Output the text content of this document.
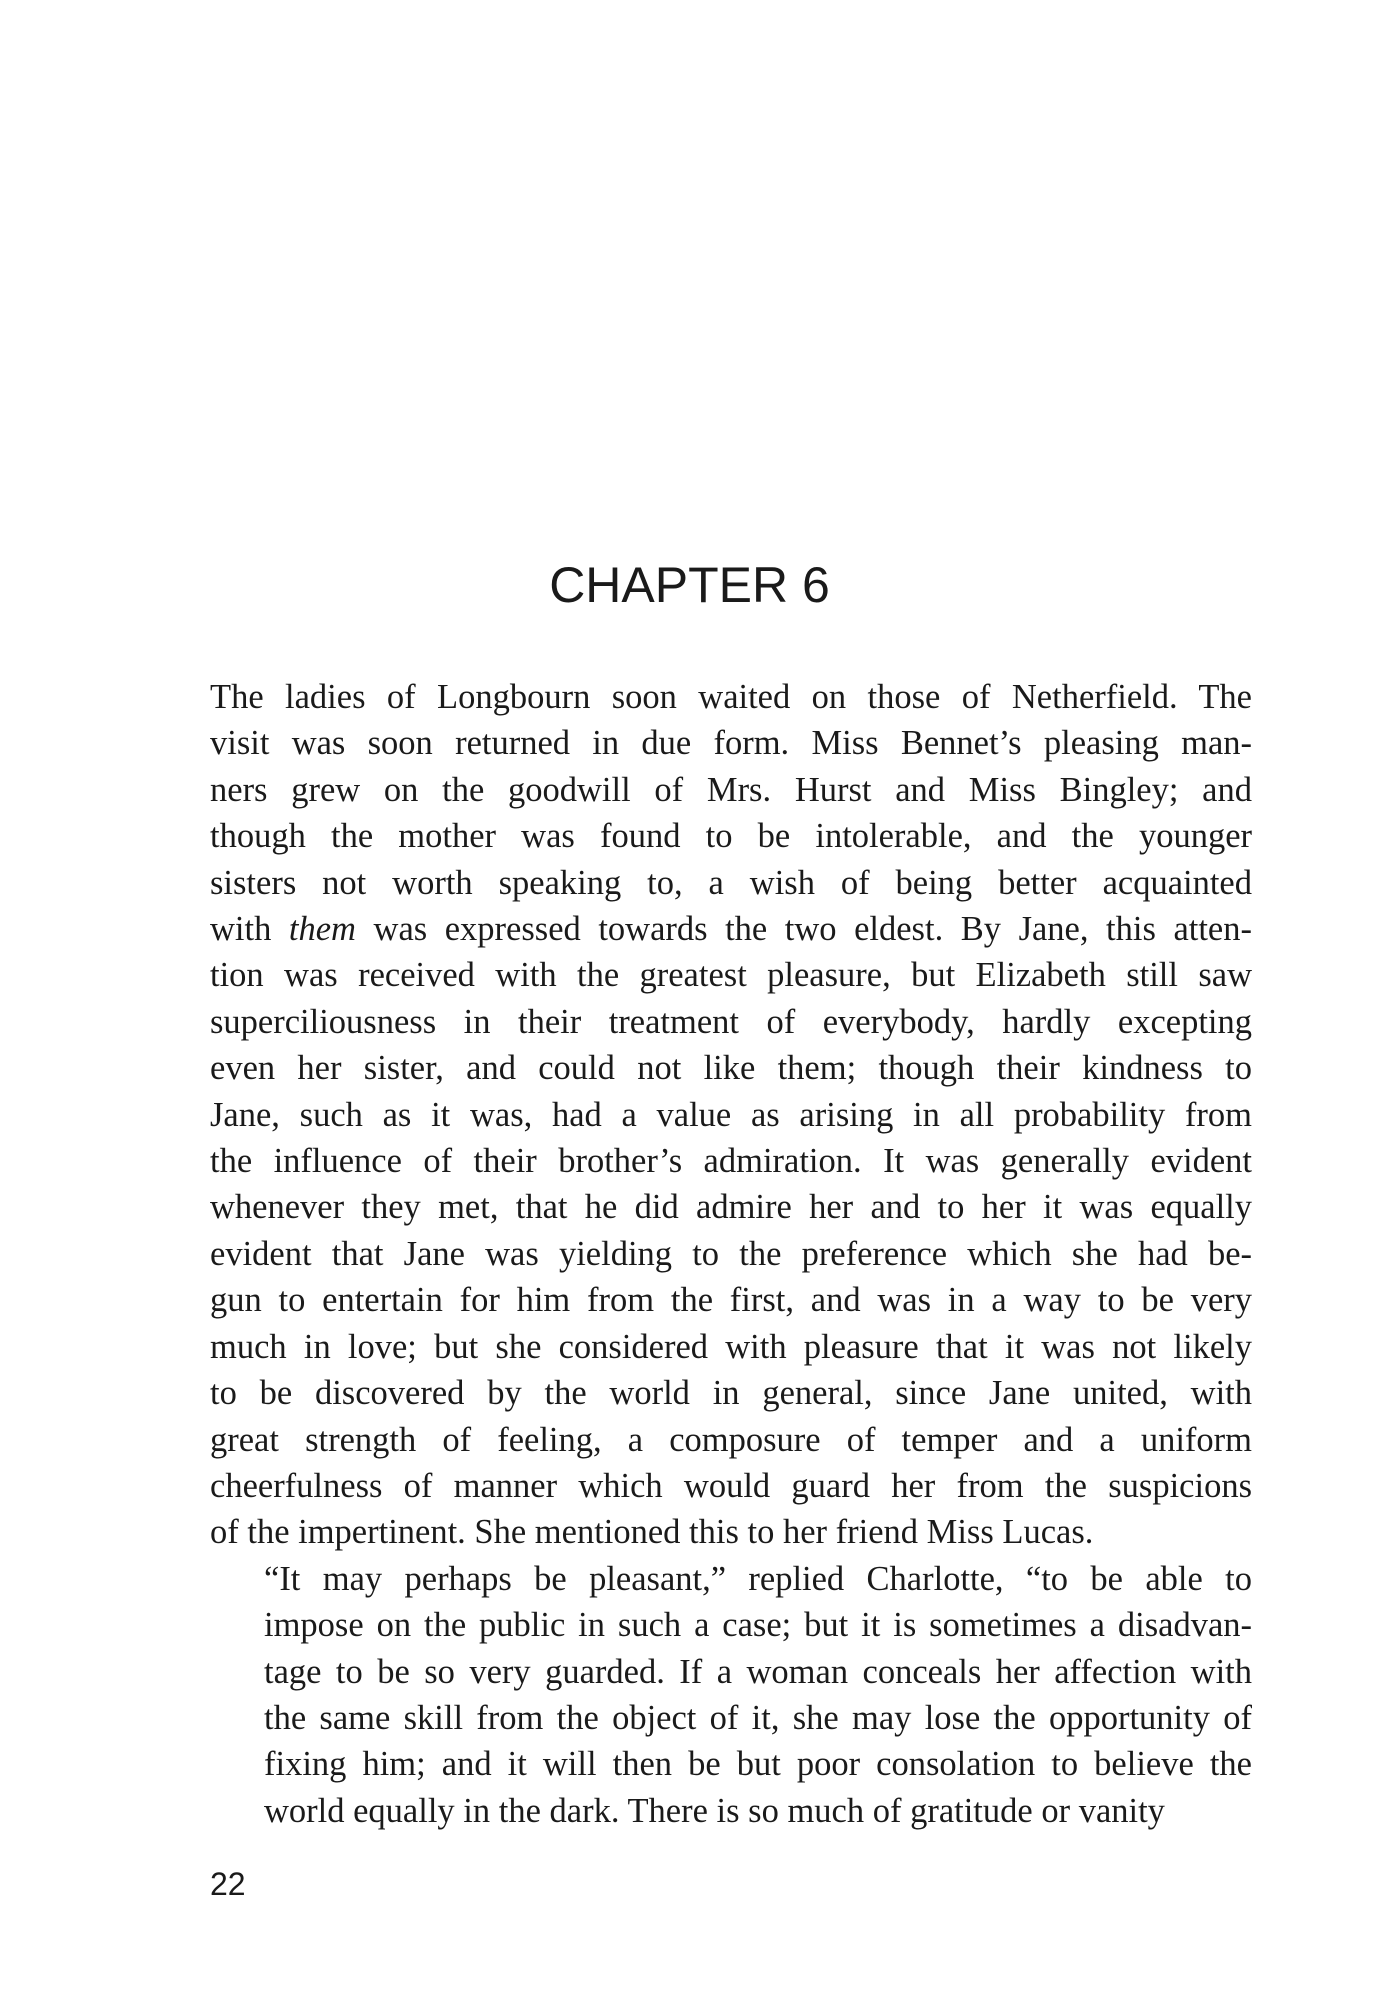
CHAPTER 6

The ladies of Longbourn soon waited on those of Netherfield. The
visit was soon returned in due form. Miss Bennet’s pleasing man-
ners grew on the goodwill of Mrs. Hurst and Miss Bingley; and
though the mother was found to be intolerable, and the younger
sisters not worth speaking to, a wish of being better acquainted
with them was expressed towards the two eldest. By Jane, this atten-
tion was received with the greatest pleasure, but Elizabeth still saw
superciliousness in their treatment of everybody, hardly excepting
even her sister, and could not like them; though their kindness to
Jane, such as it was, had a value as arising in all probability from
the influence of their brother’s admiration. It was generally evident
whenever they met, that he did admire her and to her it was equally
evident that Jane was yielding to the preference which she had be-
gun to entertain for him from the first, and was in a way to be very
much in love; but she considered with pleasure that it was not likely
to be discovered by the world in general, since Jane united, with
great strength of feeling, a composure of temper and a uniform
cheerfulness of manner which would guard her from the suspicions
of the impertinent. She mentioned this to her friend Miss Lucas.

“It may perhaps be pleasant,” replied Charlotte, “to be able to
impose on the public in such a case; but it is sometimes a disadvan-
tage to be so very guarded. If a woman conceals her affection with
the same skill from the object of it, she may lose the opportunity of
fixing him; and it will then be but poor consolation to believe the
world equally in the dark. There is so much of gratitude or vanity

22
